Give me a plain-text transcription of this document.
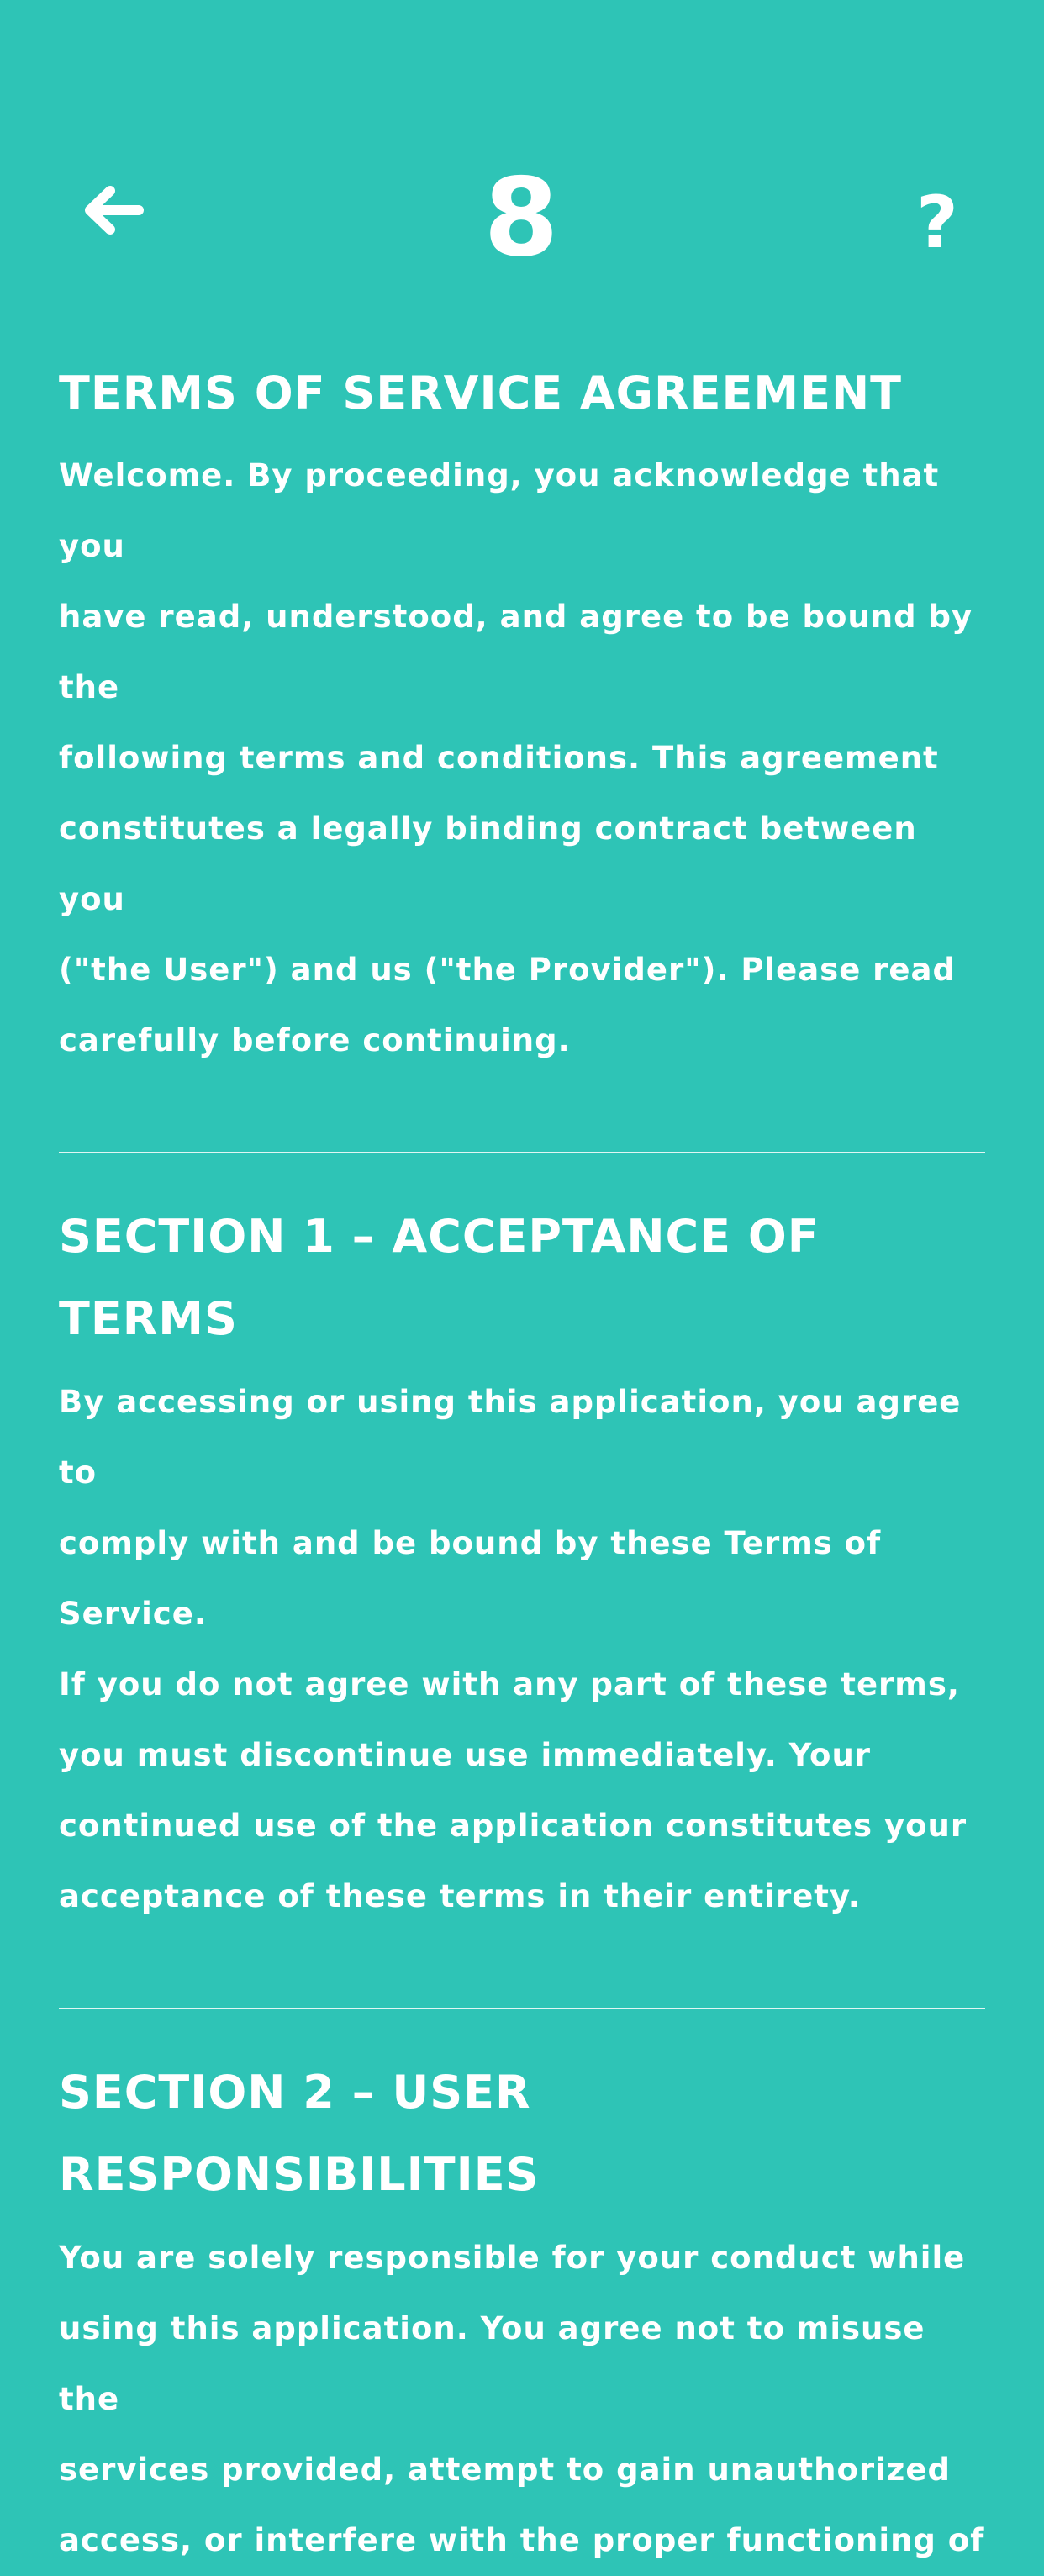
8	?
TERMS OF SERVICE AGREEMENT

Welcome. By proceeding, you acknowledge that you
have read, understood, and agree to be bound by the
following terms and conditions. This agreement
constitutes a legally binding contract between you
("the User") and us ("the Provider"). Please read
carefully before continuing.

SECTION 1 – ACCEPTANCE OF
TERMS

By accessing or using this application, you agree to
comply with and be bound by these Terms of Service.
If you do not agree with any part of these terms,
you must discontinue use immediately. Your
continued use of the application constitutes your
acceptance of these terms in their entirety.

SECTION 2 – USER
RESPONSIBILITIES

You are solely responsible for your conduct while
using this application. You agree not to misuse the
services provided, attempt to gain unauthorized
access, or interfere with the proper functioning of
